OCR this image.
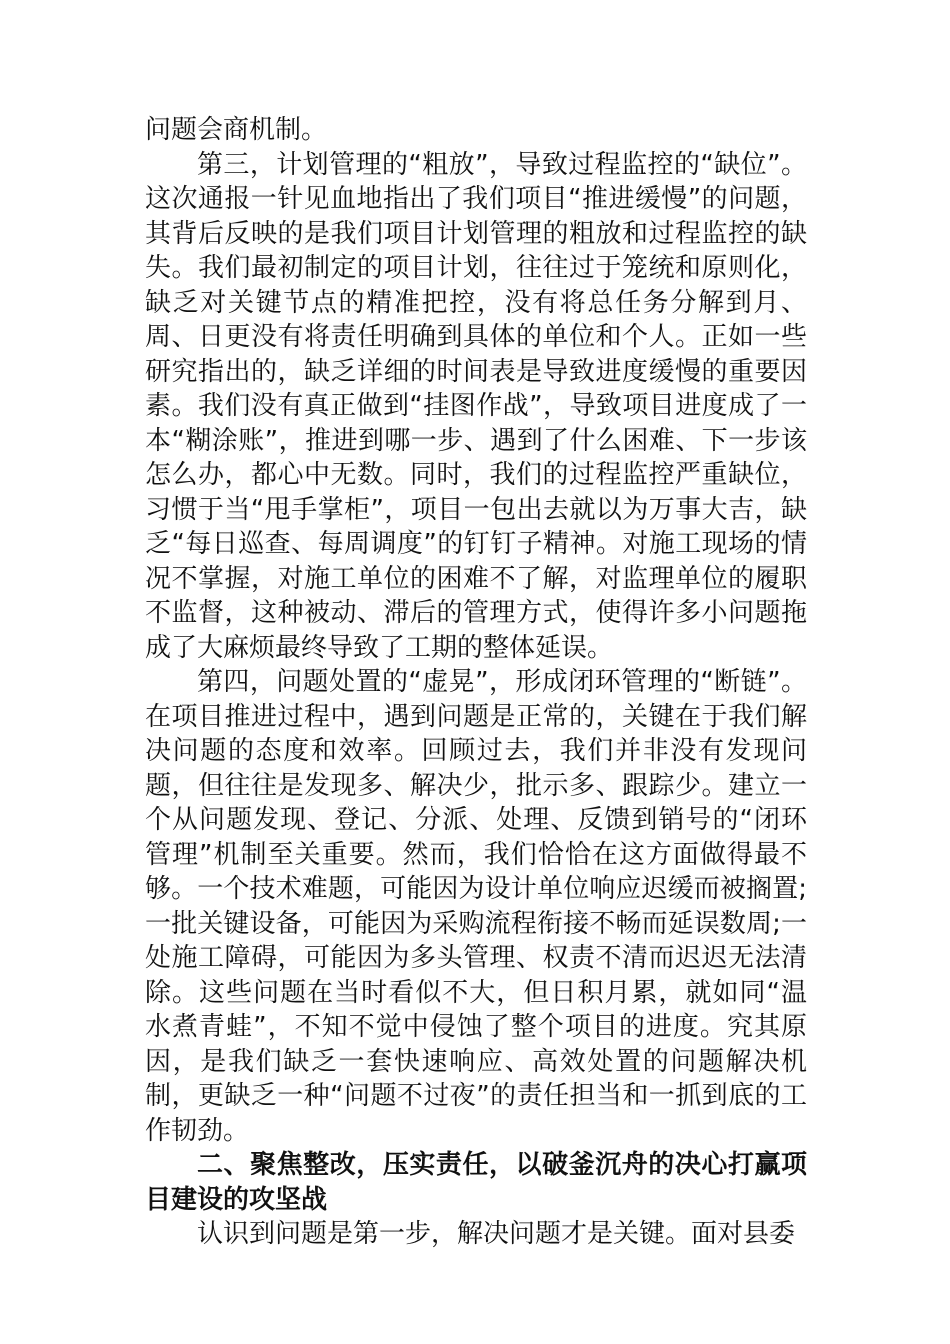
问题会商机制。

第三，计划管理的“粗放”，导致过程监控的“缺位”。这次通报一针见血地指出了我们项目“推进缓慢”的问题，其背后反映的是我们项目计划管理的粗放和过程监控的缺失。我们最初制定的项目计划，往往过于笼统和原则化，缺乏对关键节点的精准把控，没有将总任务分解到月、周、日更没有将责任明确到具体的单位和个人。正如一些研究指出的，缺乏详细的时间表是导致进度缓慢的重要因素。我们没有真正做到“挂图作战”，导致项目进度成了一本“糊涂账”，推进到哪一步、遇到了什么困难、下一步该怎么办，都心中无数。同时，我们的过程监控严重缺位，习惯于当“甩手掌柜”，项目一包出去就以为万事大吉，缺乏“每日巡查、每周调度”的钉钉子精神。对施工现场的情况不掌握，对施工单位的困难不了解，对监理单位的履职不监督，这种被动、滞后的管理方式，使得许多小问题拖成了大麻烦最终导致了工期的整体延误。

第四，问题处置的“虚晃”，形成闭环管理的“断链”。在项目推进过程中，遇到问题是正常的，关键在于我们解决问题的态度和效率。回顾过去，我们并非没有发现问题，但往往是发现多、解决少，批示多、跟踪少。建立一个从问题发现、登记、分派、处理、反馈到销号的“闭环管理”机制至关重要。然而，我们恰恰在这方面做得最不够。一个技术难题，可能因为设计单位响应迟缓而被搁置;一批关键设备，可能因为采购流程衔接不畅而延误数周;一处施工障碍，可能因为多头管理、权责不清而迟迟无法清除。这些问题在当时看似不大，但日积月累，就如同“温水煮青蛙”，不知不觉中侵蚀了整个项目的进度。究其原因，是我们缺乏一套快速响应、高效处置的问题解决机制，更缺乏一种“问题不过夜”的责任担当和一抓到底的工作韧劲。

二、聚焦整改，压实责任，以破釜沉舟的决心打赢项目建设的攻坚战

认识到问题是第一步，解决问题才是关键。面对县委
